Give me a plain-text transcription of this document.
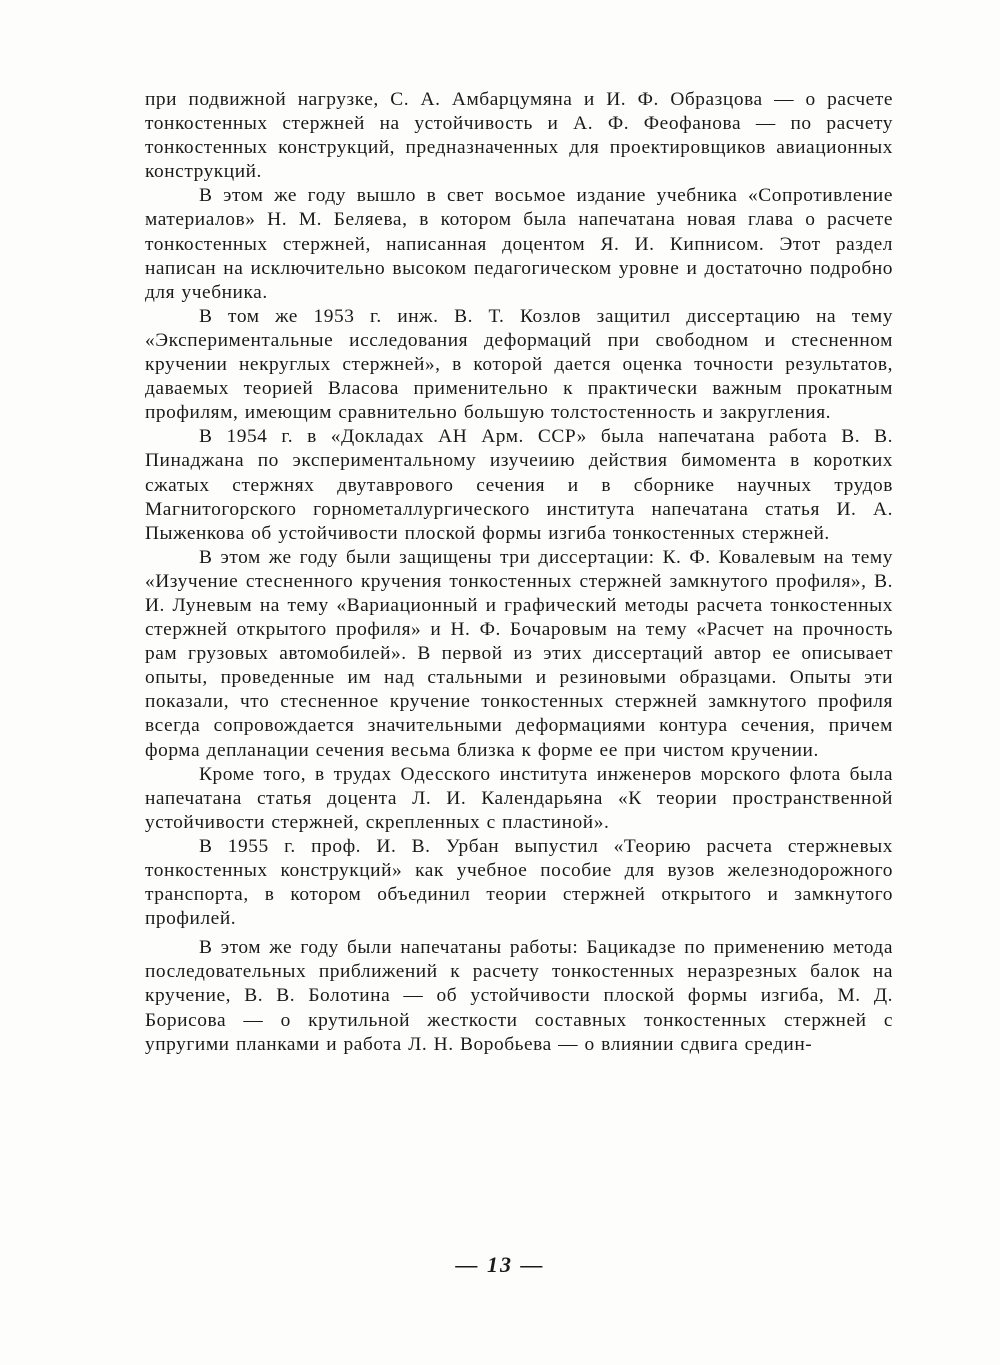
при подвижной нагрузке, С. А. Амбарцумяна и И. Ф. Образцова — о расчете тонкостенных стержней на устойчивость и А. Ф. Феофанова — по расчету тонкостенных конструкций, предназначенных для проектировщиков авиационных конструкций.

В этом же году вышло в свет восьмое издание учебника «Сопротивление материалов» Н. М. Беляева, в котором была напечатана новая глава о расчете тонкостенных стержней, написанная доцентом Я. И. Кипнисом. Этот раздел написан на исключительно высоком педагогическом уровне и достаточно подробно для учебника.

В том же 1953 г. инж. В. Т. Козлов защитил диссертацию на тему «Экспериментальные исследования деформаций при свободном и стесненном кручении некруглых стержней», в которой дается оценка точности результатов, даваемых теорией Власова применительно к практически важным прокатным профилям, имеющим сравнительно большую толстостенность и закругления.

В 1954 г. в «Докладах АН Арм. ССР» была напечатана работа В. В. Пинаджана по экспериментальному изучеиию действия бимомента в коротких сжатых стержнях двутаврового сечения и в сборнике научных трудов Магнитогорского горнометаллургического института напечатана статья И. А. Пыженкова об устойчивости плоской формы изгиба тонкостенных стержней.

В этом же году были защищены три диссертации: К. Ф. Ковалевым на тему «Изучение стесненного кручения тонкостенных стержней замкнутого профиля», В. И. Луневым на тему «Вариационный и графический методы расчета тонкостенных стержней открытого профиля» и Н. Ф. Бочаровым на тему «Расчет на прочность рам грузовых автомобилей». В первой из этих диссертаций автор ее описывает опыты, проведенные им над стальными и резиновыми образцами. Опыты эти показали, что стесненное кручение тонкостенных стержней замкнутого профиля всегда сопровождается значительными деформациями контура сечения, причем форма депланации сечения весьма близка к форме ее при чистом кручении.

Кроме того, в трудах Одесского института инженеров морского флота была напечатана статья доцента Л. И. Календарьяна «К теории пространственной устойчивости стержней, скрепленных с пластиной».

В 1955 г. проф. И. В. Урбан выпустил «Теорию расчета стержневых тонкостенных конструкций» как учебное пособие для вузов железнодорожного транспорта, в котором объединил теории стержней открытого и замкнутого профилей.

В этом же году были напечатаны работы: Бацикадзе по применению метода последовательных приближений к расчету тонкостенных неразрезных балок на кручение, В. В. Болотина — об устойчивости плоской формы изгиба, М. Д. Борисова — о крутильной жесткости составных тонкостенных стержней с упругими планками и работа Л. Н. Воробьева — о влиянии сдвига средин-

— 13 —
